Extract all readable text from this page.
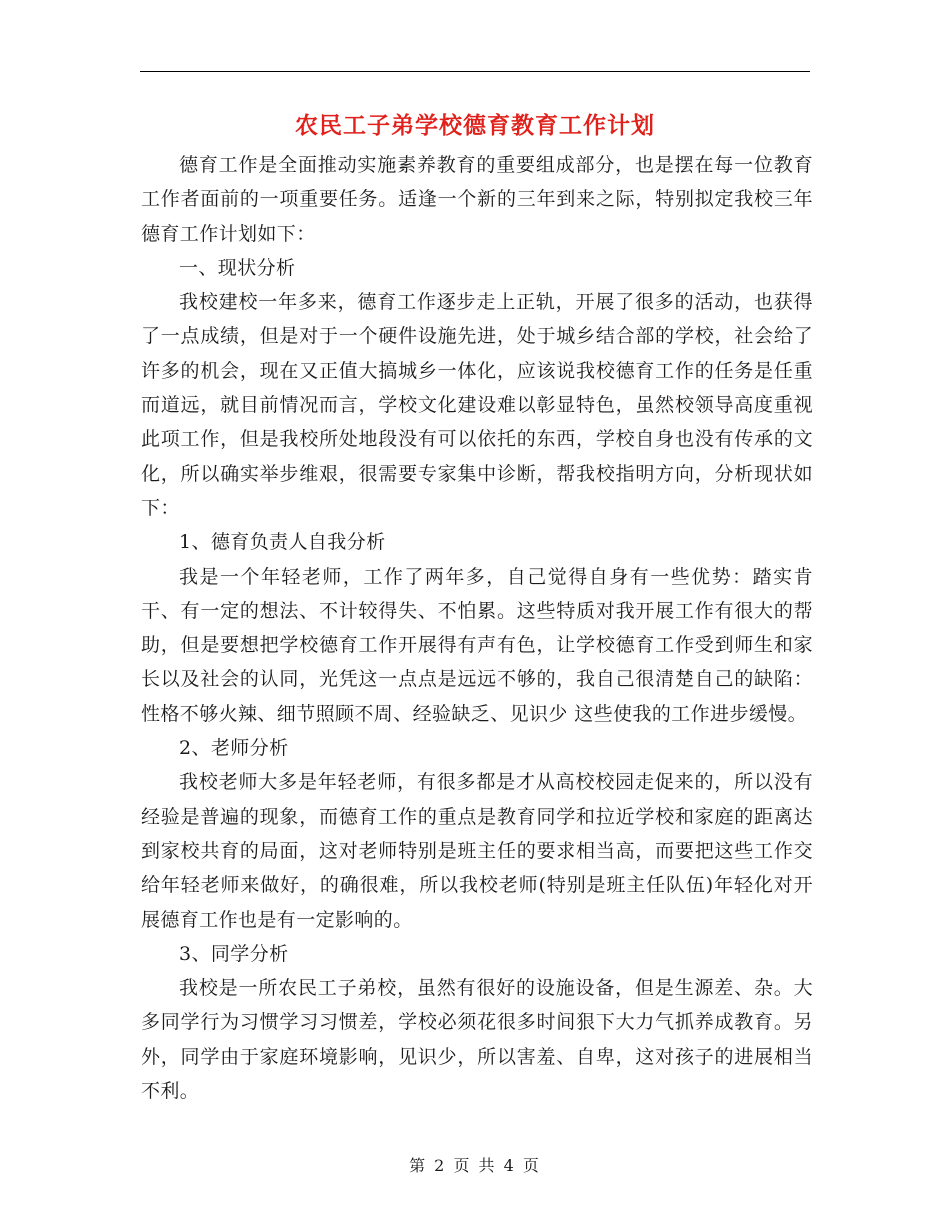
农民工子弟学校德育教育工作计划

德育工作是全面推动实施素养教育的重要组成部分，也是摆在每一位教育工作者面前的一项重要任务。适逢一个新的三年到来之际，特别拟定我校三年德育工作计划如下：

一、现状分析

我校建校一年多来，德育工作逐步走上正轨，开展了很多的活动，也获得了一点成绩，但是对于一个硬件设施先进，处于城乡结合部的学校，社会给了许多的机会，现在又正值大搞城乡一体化，应该说我校德育工作的任务是任重而道远，就目前情况而言，学校文化建设难以彰显特色，虽然校领导高度重视此项工作，但是我校所处地段没有可以依托的东西，学校自身也没有传承的文化，所以确实举步维艰，很需要专家集中诊断，帮我校指明方向，分析现状如下：

1、德育负责人自我分析

我是一个年轻老师，工作了两年多，自己觉得自身有一些优势：踏实肯干、有一定的想法、不计较得失、不怕累。这些特质对我开展工作有很大的帮助，但是要想把学校德育工作开展得有声有色，让学校德育工作受到师生和家长以及社会的认同，光凭这一点点是远远不够的，我自己很清楚自己的缺陷：性格不够火辣、细节照顾不周、经验缺乏、见识少 这些使我的工作进步缓慢。

2、老师分析

我校老师大多是年轻老师，有很多都是才从高校校园走促来的，所以没有经验是普遍的现象，而德育工作的重点是教育同学和拉近学校和家庭的距离达到家校共育的局面，这对老师特别是班主任的要求相当高，而要把这些工作交给年轻老师来做好，的确很难，所以我校老师(特别是班主任队伍)年轻化对开展德育工作也是有一定影响的。

3、同学分析

我校是一所农民工子弟校，虽然有很好的设施设备，但是生源差、杂。大多同学行为习惯学习习惯差，学校必须花很多时间狠下大力气抓养成教育。另外，同学由于家庭环境影响，见识少，所以害羞、自卑，这对孩子的进展相当不利。

第 2 页 共 4 页
